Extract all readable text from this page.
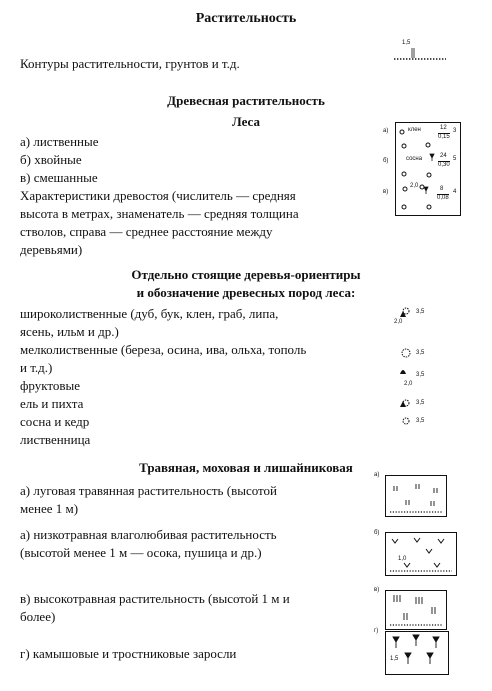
Растительность
Контуры растительности, грунтов и т.д.
1,5
Древесная растительность
Леса
а) лиственные
б) хвойные
в) смешанные
Характеристики древостоя (числитель — средняя
высота в метрах, знаменатель — средняя толщина
стволов, справа — среднее расстояние между
деревьями)
а)	клен	12
0,15
3
б)	сосна	24
0,30
5
в)
2,0	8
0,08
4
Отдельно стоящие деревья-ориентиры
и обозначение древесных пород леса:
широколиственные (дуб, бук, клен, граб, липа,
ясень, ильм и др.)
мелколиственные (береза, осина, ива, ольха, тополь
и т.д.)
фруктовые
ель и пихта
сосна и кедр
лиственница
3,5
2,0
3,5
3,5
2,0
3,5
3,5
Травяная, моховая и лишайниковая
а) луговая травянная растительность (высотой
менее 1 м)
а) низкотравная влаголюбивая растительность
(высотой менее 1 м — осока, пушица и др.)
в) высокотравная растительность (высотой 1 м и
более)
г) камышовые и тростниковые заросли
а)
б)
1,0
в)
г)
1,5
